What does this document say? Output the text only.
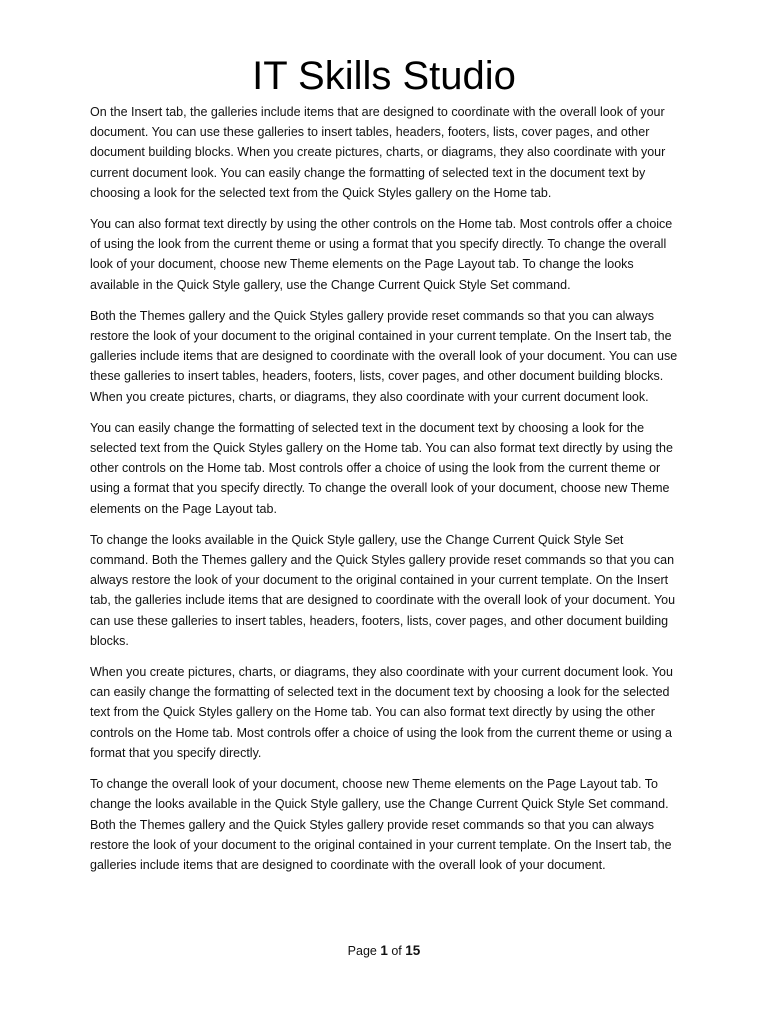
IT Skills Studio

On the Insert tab, the galleries include items that are designed to coordinate with the overall look of your document. You can use these galleries to insert tables, headers, footers, lists, cover pages, and other document building blocks. When you create pictures, charts, or diagrams, they also coordinate with your current document look. You can easily change the formatting of selected text in the document text by choosing a look for the selected text from the Quick Styles gallery on the Home tab.

You can also format text directly by using the other controls on the Home tab. Most controls offer a choice of using the look from the current theme or using a format that you specify directly. To change the overall look of your document, choose new Theme elements on the Page Layout tab. To change the looks available in the Quick Style gallery, use the Change Current Quick Style Set command.

Both the Themes gallery and the Quick Styles gallery provide reset commands so that you can always restore the look of your document to the original contained in your current template. On the Insert tab, the galleries include items that are designed to coordinate with the overall look of your document. You can use these galleries to insert tables, headers, footers, lists, cover pages, and other document building blocks. When you create pictures, charts, or diagrams, they also coordinate with your current document look.

You can easily change the formatting of selected text in the document text by choosing a look for the selected text from the Quick Styles gallery on the Home tab. You can also format text directly by using the other controls on the Home tab. Most controls offer a choice of using the look from the current theme or using a format that you specify directly. To change the overall look of your document, choose new Theme elements on the Page Layout tab.

To change the looks available in the Quick Style gallery, use the Change Current Quick Style Set command. Both the Themes gallery and the Quick Styles gallery provide reset commands so that you can always restore the look of your document to the original contained in your current template. On the Insert tab, the galleries include items that are designed to coordinate with the overall look of your document. You can use these galleries to insert tables, headers, footers, lists, cover pages, and other document building blocks.

When you create pictures, charts, or diagrams, they also coordinate with your current document look. You can easily change the formatting of selected text in the document text by choosing a look for the selected text from the Quick Styles gallery on the Home tab. You can also format text directly by using the other controls on the Home tab. Most controls offer a choice of using the look from the current theme or using a format that you specify directly.

To change the overall look of your document, choose new Theme elements on the Page Layout tab. To change the looks available in the Quick Style gallery, use the Change Current Quick Style Set command. Both the Themes gallery and the Quick Styles gallery provide reset commands so that you can always restore the look of your document to the original contained in your current template. On the Insert tab, the galleries include items that are designed to coordinate with the overall look of your document.

Page 1 of 15
